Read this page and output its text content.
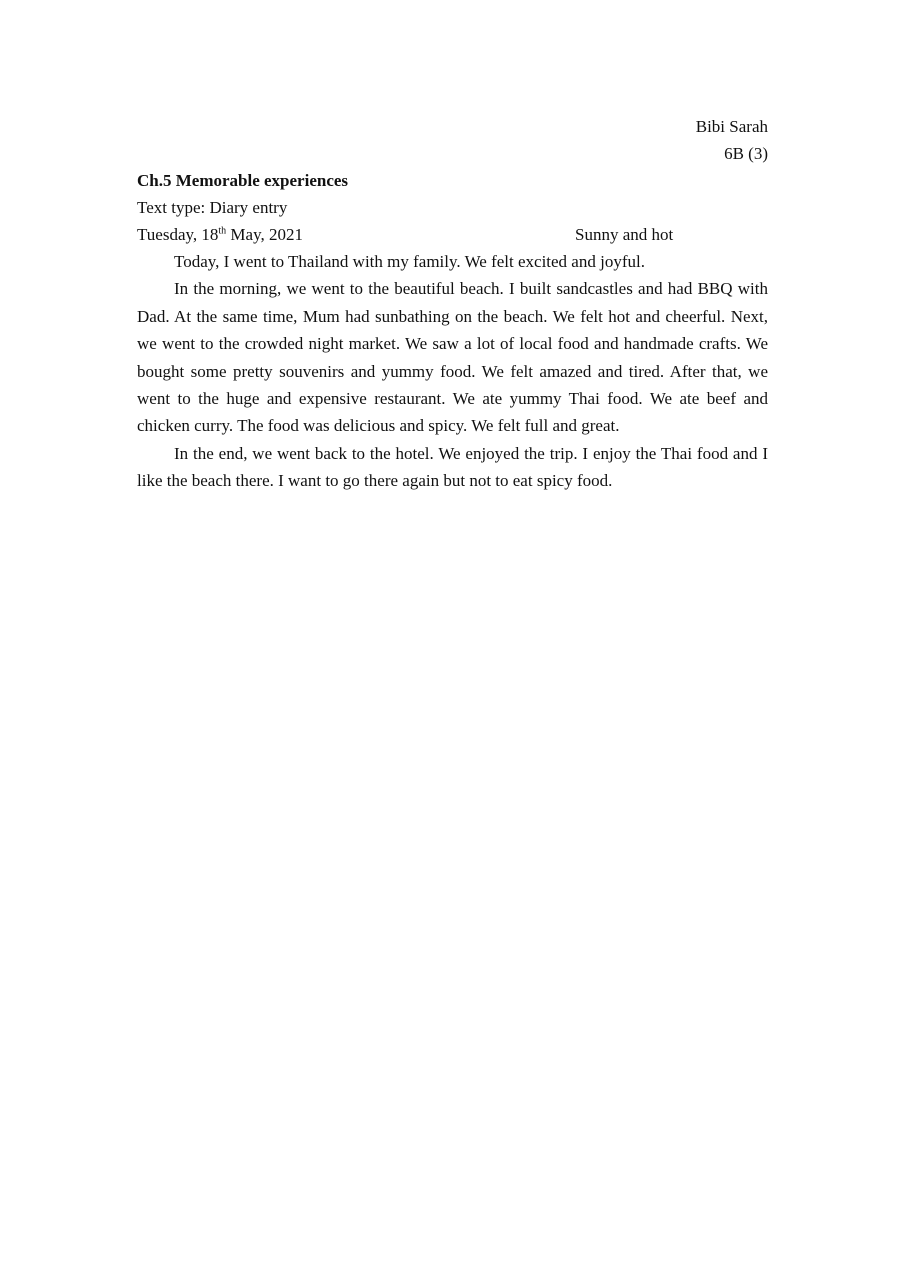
Bibi Sarah
6B (3)
Ch.5 Memorable experiences
Text type: Diary entry
Tuesday, 18th May, 2021	Sunny and hot

Today, I went to Thailand with my family. We felt excited and joyful.

In the morning, we went to the beautiful beach. I built sandcastles and had BBQ with Dad. At the same time, Mum had sunbathing on the beach. We felt hot and cheerful. Next, we went to the crowded night market. We saw a lot of local food and handmade crafts. We bought some pretty souvenirs and yummy food. We felt amazed and tired. After that, we went to the huge and expensive restaurant. We ate yummy Thai food. We ate beef and chicken curry. The food was delicious and spicy. We felt full and great.

In the end, we went back to the hotel. We enjoyed the trip. I enjoy the Thai food and I like the beach there. I want to go there again but not to eat spicy food.
